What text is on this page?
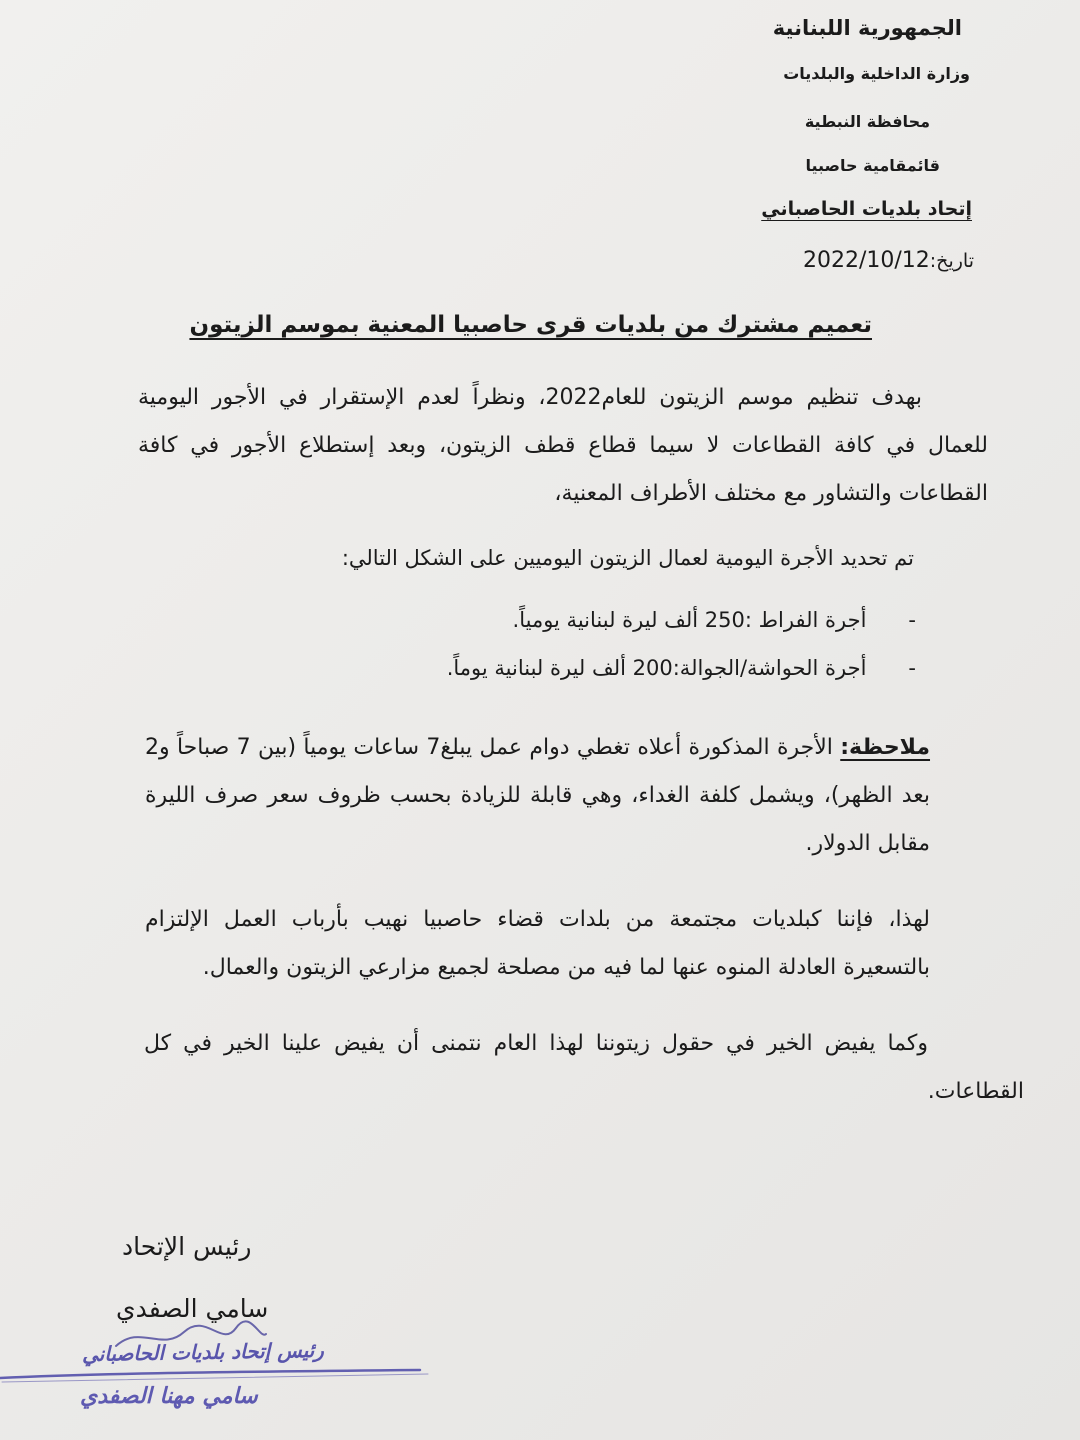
الجمهورية اللبنانية
وزارة الداخلية والبلديات
محافظة النبطية
قائمقامية حاصبيا
إتحاد بلديات الحاصباني
تاريخ:2022/10/12
تعميم مشترك من بلديات قرى حاصبيا المعنية بموسم الزيتون
بهدف تنظيم موسم الزيتون للعام2022، ونظراً لعدم الإستقرار في الأجور اليومية للعمال في كافة القطاعات لا سيما قطاع قطف الزيتون، وبعد إستطلاع الأجور في كافة القطاعات والتشاور مع مختلف الأطراف المعنية،
تم تحديد الأجرة اليومية لعمال الزيتون اليوميين على الشكل التالي:
-أجرة الفراط :250 ألف ليرة لبنانية يومياً.
-أجرة الحواشة/الجوالة:200 ألف ليرة لبنانية يوماً.
ملاحظة: الأجرة المذكورة أعلاه تغطي دوام عمل يبلغ7 ساعات يومياً (بين 7 صباحاً و2 بعد الظهر)، ويشمل كلفة الغداء، وهي قابلة للزيادة بحسب ظروف سعر صرف الليرة مقابل الدولار.
لهذا، فإننا كبلديات مجتمعة من بلدات قضاء حاصبيا نهيب بأرباب العمل الإلتزام بالتسعيرة العادلة المنوه عنها لما فيه من مصلحة لجميع مزارعي الزيتون والعمال.
وكما يفيض الخير في حقول زيتوننا لهذا العام نتمنى أن يفيض علينا الخير في كل القطاعات.
رئيس الإتحاد
سامي الصفدي
رئيس إتحاد بلديات الحاصباني
سامي مهنا الصفدي
